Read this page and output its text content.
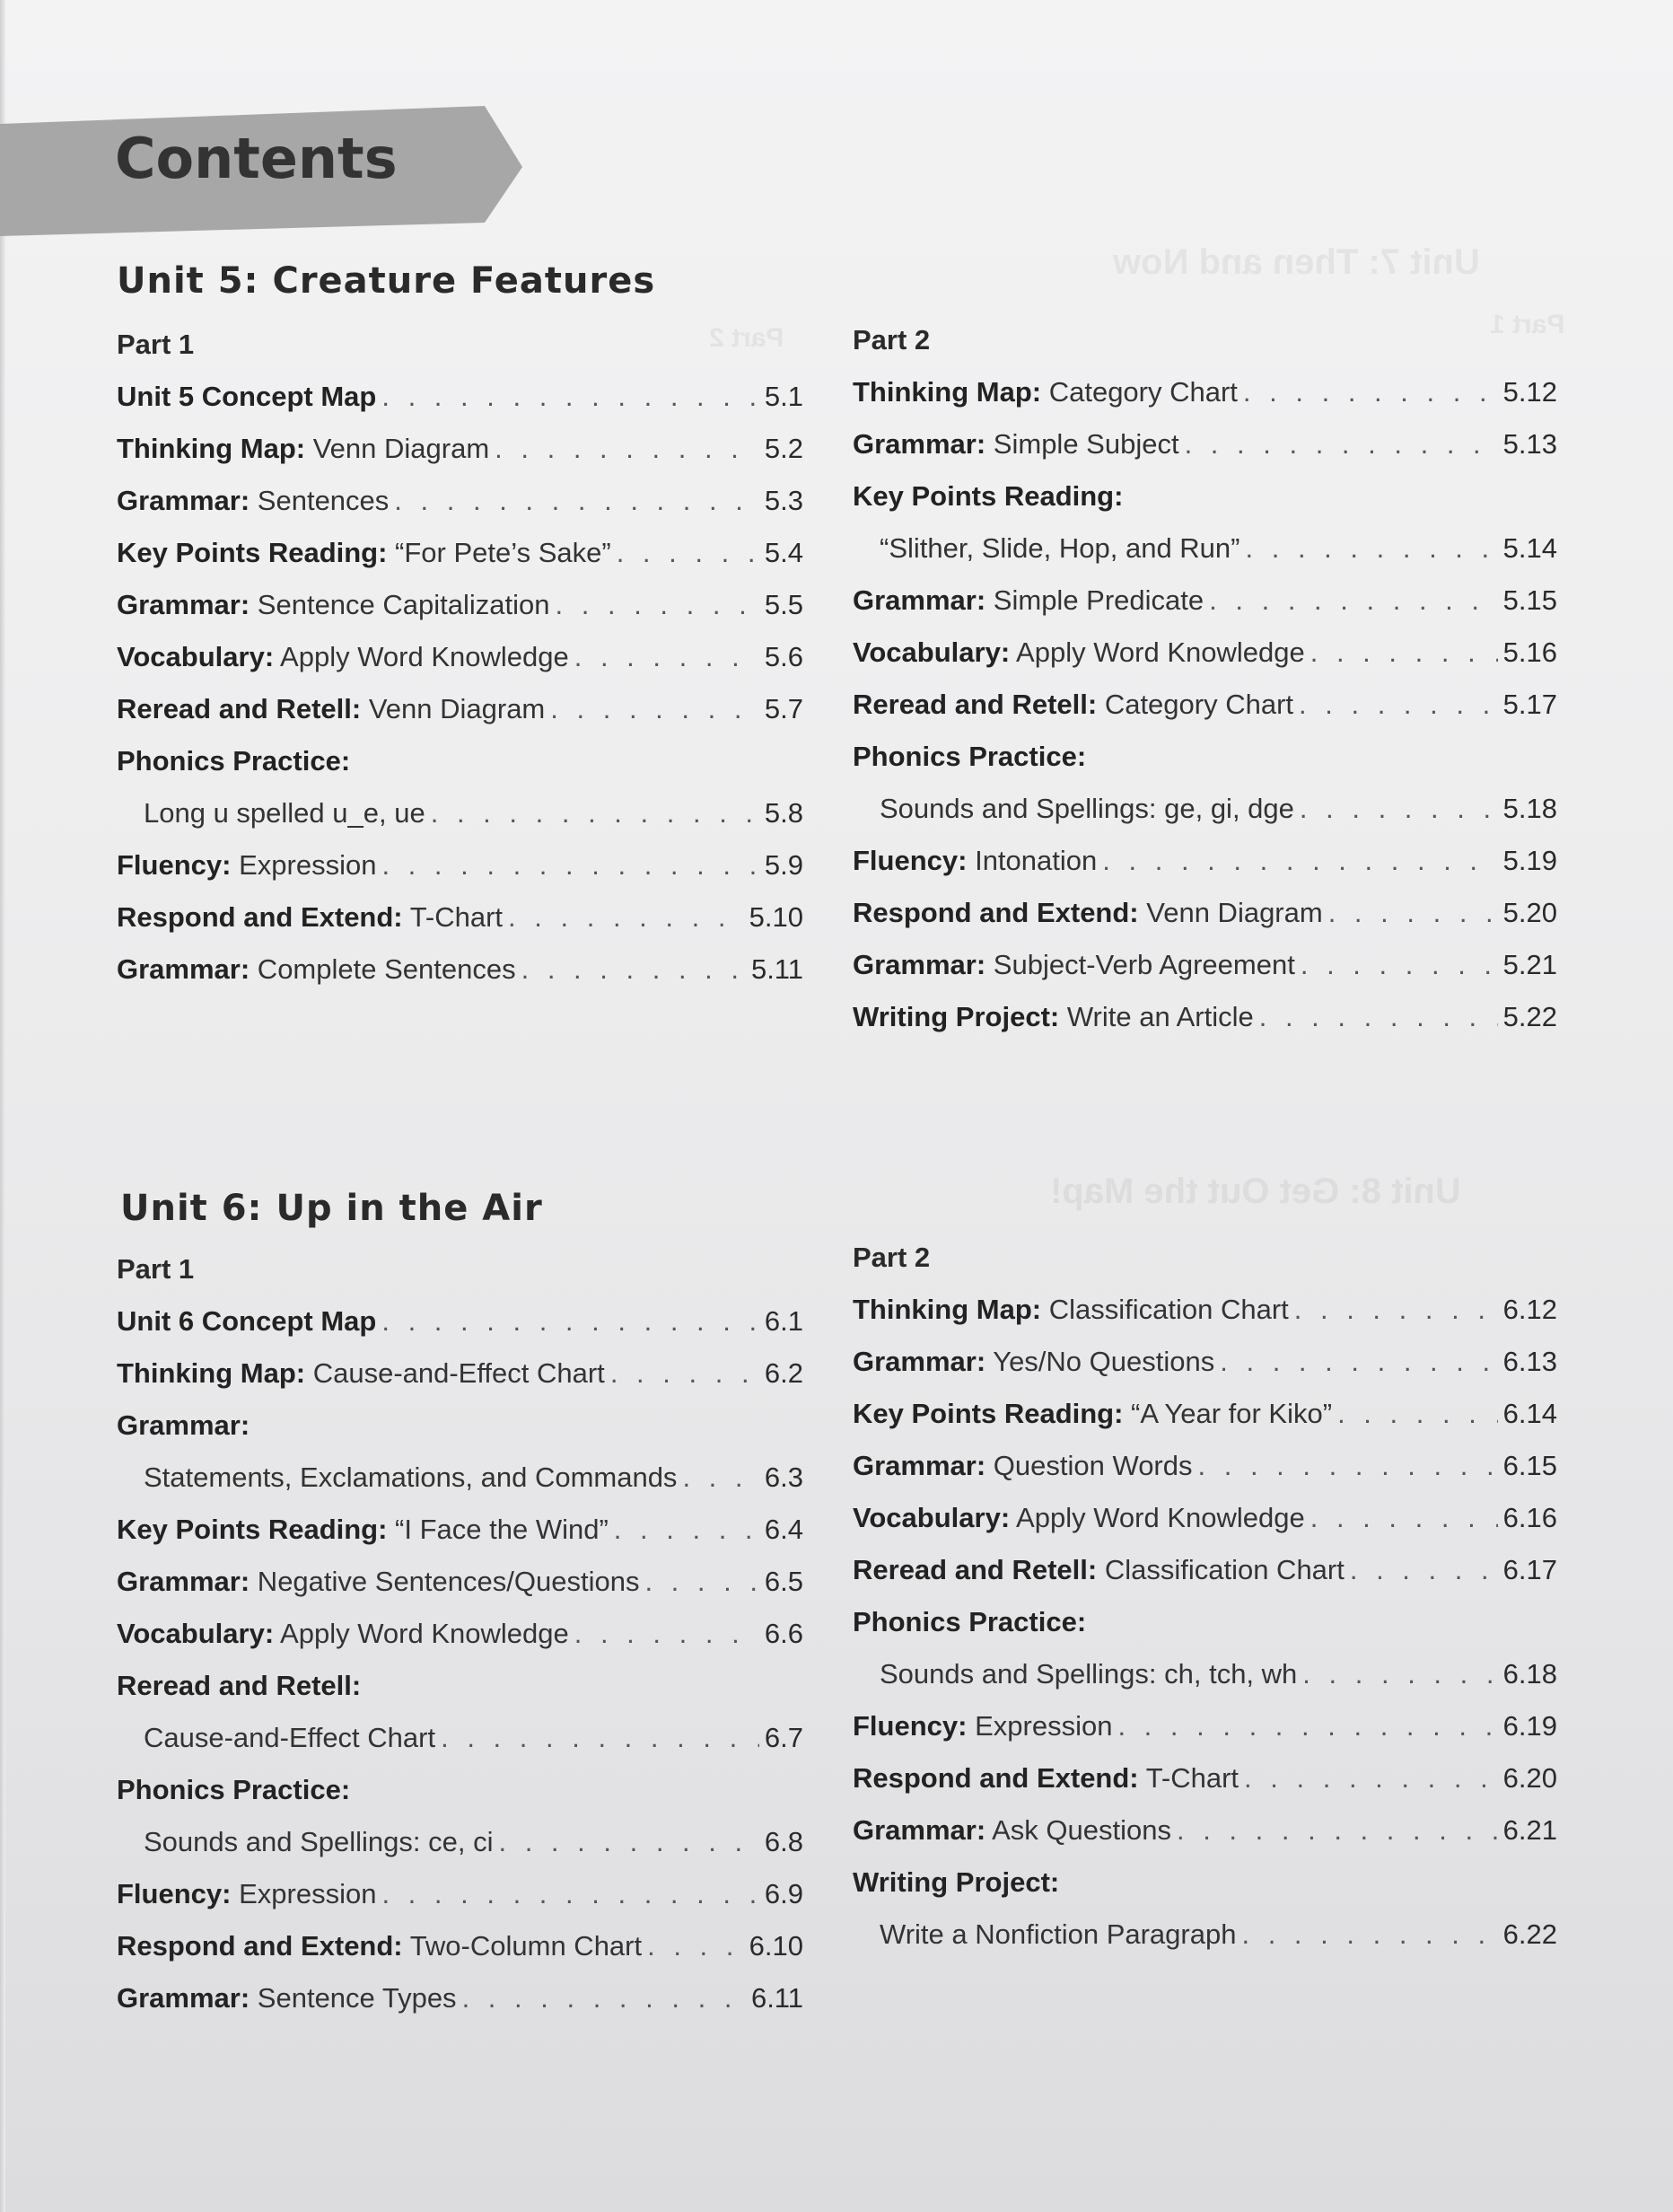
Unit 7: Then and Now
Unit 8: Get Out the Map!
Part 1
Part 2
Contents
Unit 5: Creature Features
Part 1
Unit 5 Concept Map . . .	5.1
Thinking Map: Venn Diagram . . .	5.2
Grammar: Sentences . . .	5.3
Key Points Reading: “For Pete’s Sake” . . .	5.4
Grammar: Sentence Capitalization . . .	5.5
Vocabulary: Apply Word Knowledge . . .	5.6
Reread and Retell: Venn Diagram . . .	5.7
Phonics Practice:
Long u spelled u_e, ue . . .	5.8
Fluency: Expression . . .	5.9
Respond and Extend: T-Chart . . .	5.10
Grammar: Complete Sentences . . .	5.11
Part 2
Thinking Map: Category Chart . . .	5.12
Grammar: Simple Subject . . .	5.13
Key Points Reading:
“Slither, Slide, Hop, and Run” . . .	5.14
Grammar: Simple Predicate . . .	5.15
Vocabulary: Apply Word Knowledge . . .	5.16
Reread and Retell: Category Chart . . .	5.17
Phonics Practice:
Sounds and Spellings: ge, gi, dge . . .	5.18
Fluency: Intonation . . .	5.19
Respond and Extend: Venn Diagram . . .	5.20
Grammar: Subject-Verb Agreement . . .	5.21
Writing Project: Write an Article . . .	5.22
Unit 6: Up in the Air
Part 1
Unit 6 Concept Map . . .	6.1
Thinking Map: Cause-and-Effect Chart . . .	6.2
Grammar:
Statements, Exclamations, and Commands . . .	6.3
Key Points Reading: “I Face the Wind” . . .	6.4
Grammar: Negative Sentences/Questions . . .	6.5
Vocabulary: Apply Word Knowledge . . .	6.6
Reread and Retell:
Cause-and-Effect Chart . . .	6.7
Phonics Practice:
Sounds and Spellings: ce, ci . . .	6.8
Fluency: Expression . . .	6.9
Respond and Extend: Two-Column Chart . . .	6.10
Grammar: Sentence Types . . .	6.11
Part 2
Thinking Map: Classification Chart . . .	6.12
Grammar: Yes/No Questions . . .	6.13
Key Points Reading: “A Year for Kiko” . . .	6.14
Grammar: Question Words . . .	6.15
Vocabulary: Apply Word Knowledge . . .	6.16
Reread and Retell: Classification Chart . . .	6.17
Phonics Practice:
Sounds and Spellings: ch, tch, wh . . .	6.18
Fluency: Expression . . .	6.19
Respond and Extend: T-Chart . . .	6.20
Grammar: Ask Questions . . .	6.21
Writing Project:
Write a Nonfiction Paragraph . . .	6.22
